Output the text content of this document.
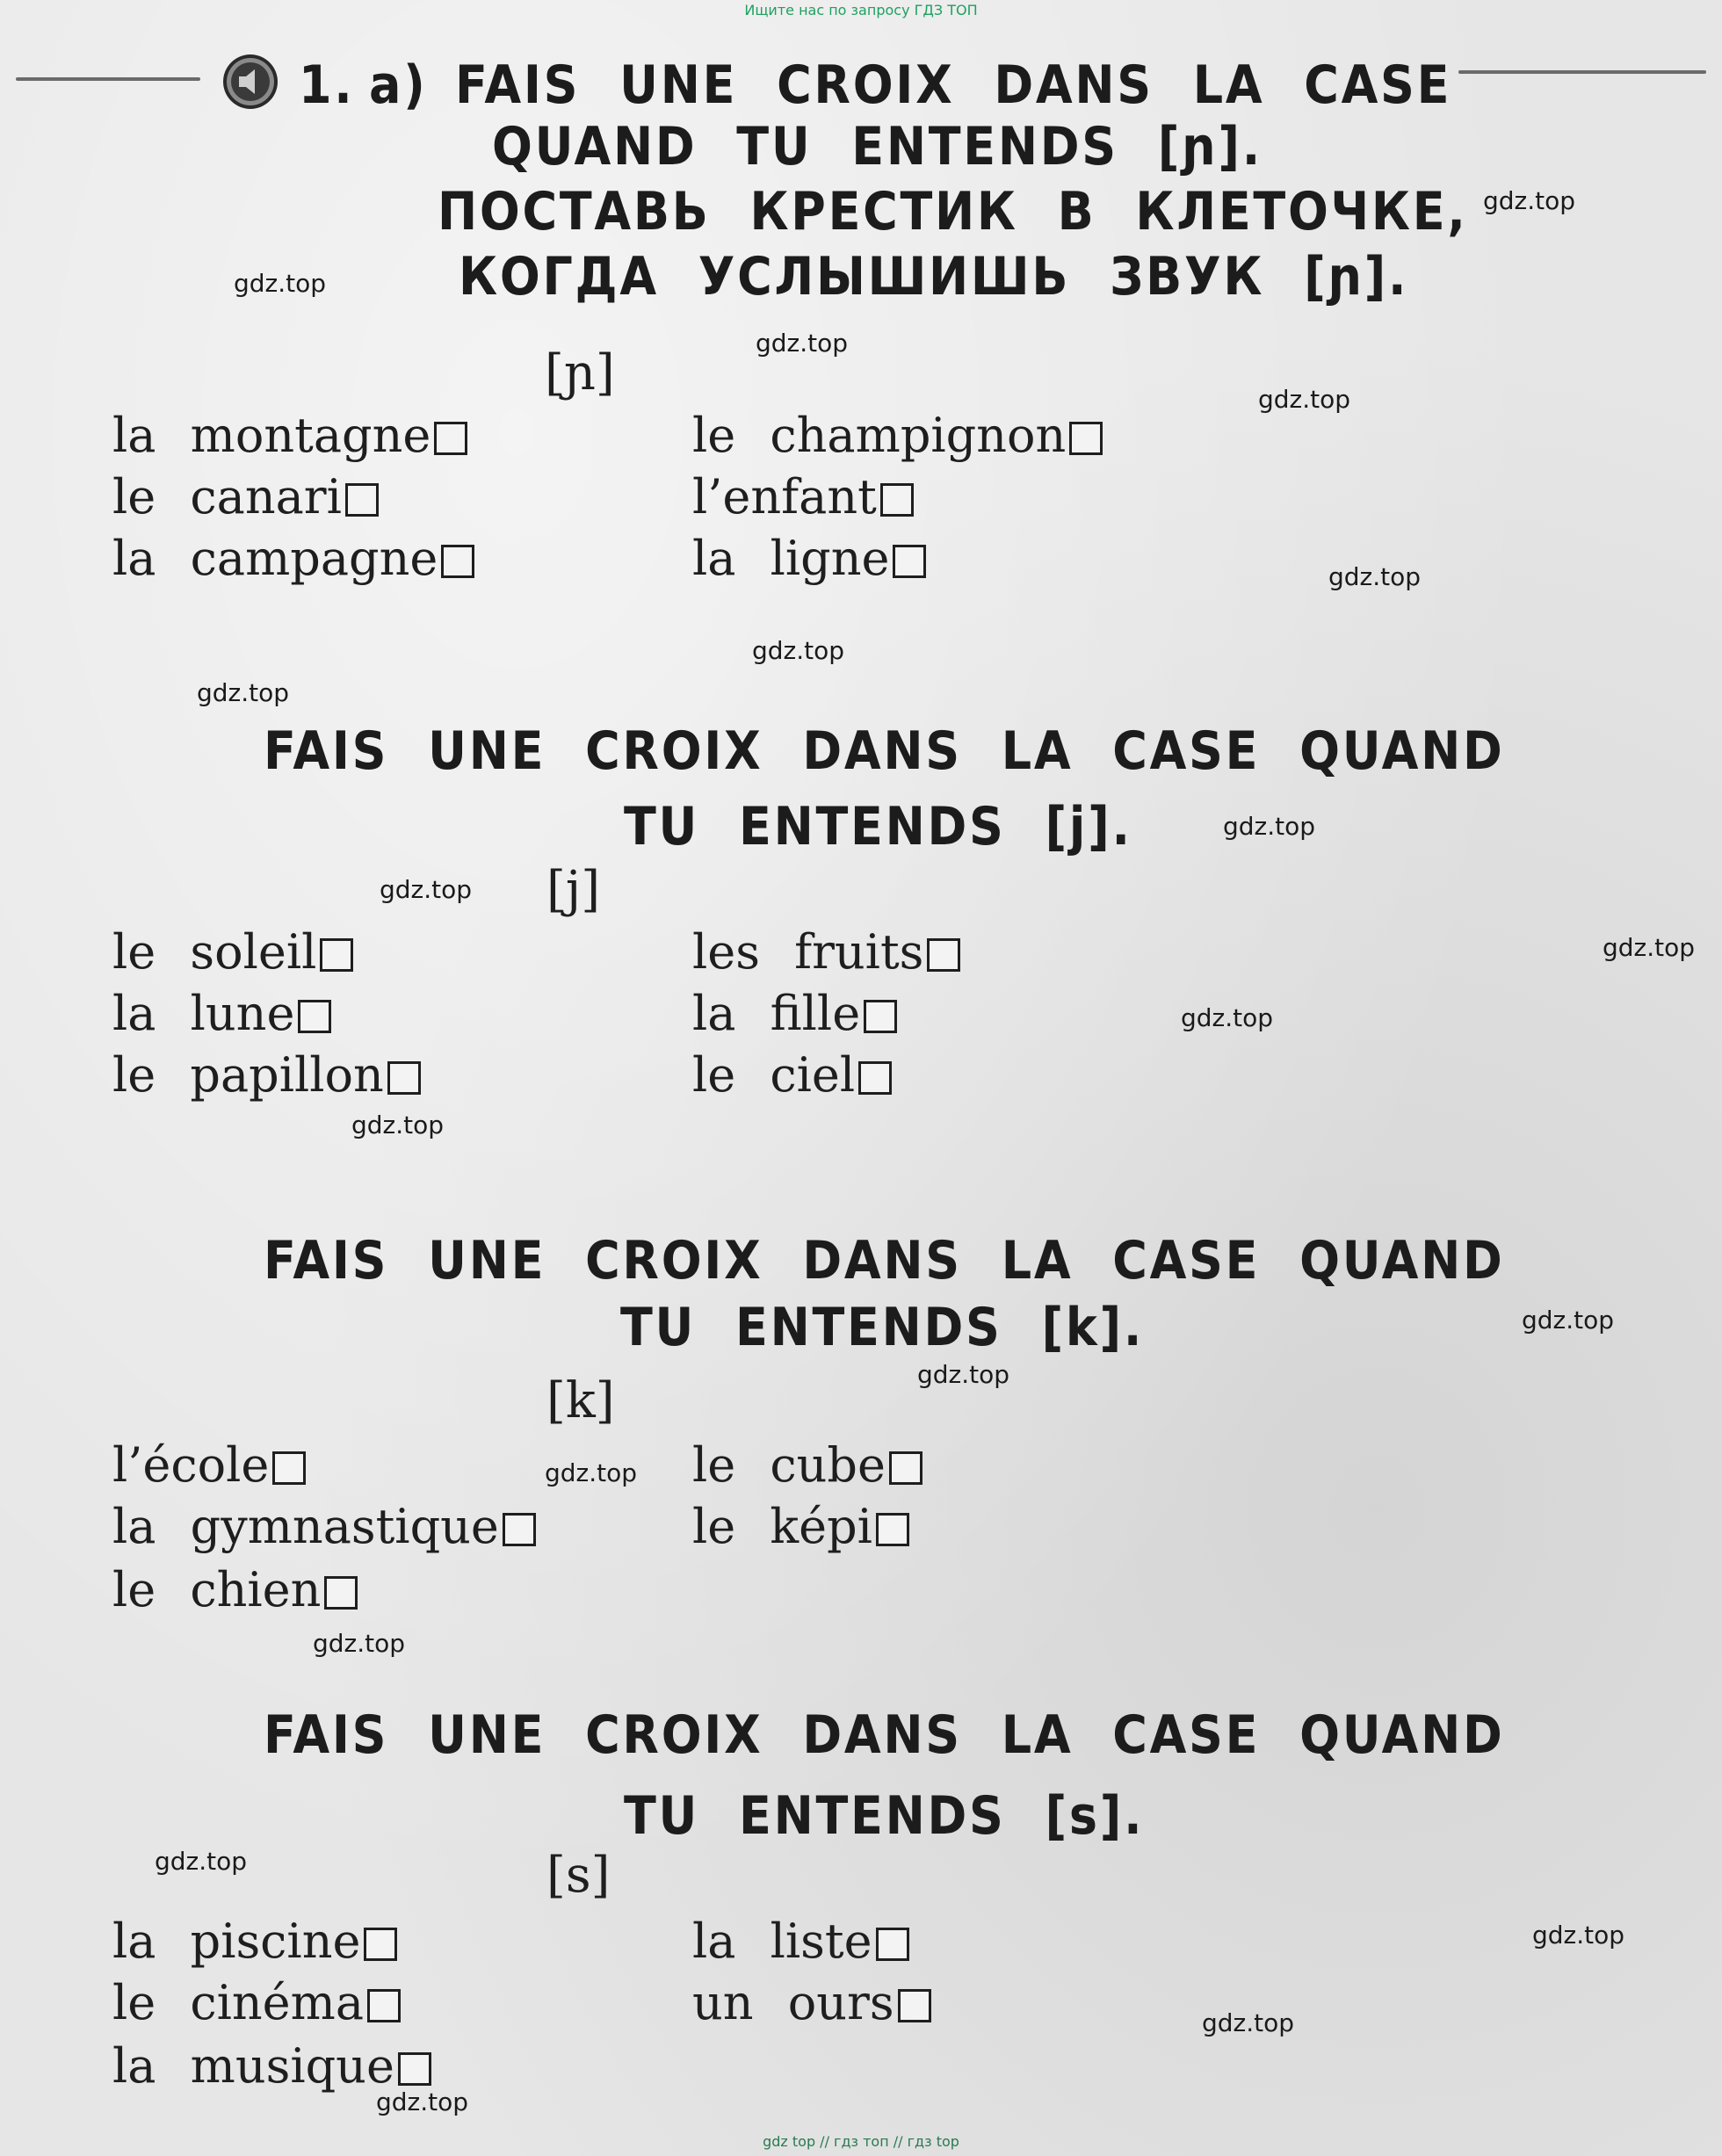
Ищите нас по запросу ГДЗ ТОП
1. a) FAIS UNE CROIX DANS LA CASE
QUAND TU ENTENDS [ɲ].
ПОСТАВЬ КРЕСТИК В КЛЕТОЧКЕ,
КОГДА УСЛЫШИШЬ ЗВУК [ɲ].
[ɲ]
la montagne
le canari
la campagne
le champignon
l’enfant
la ligne
FAIS UNE CROIX DANS LA CASE QUAND
TU ENTENDS [j].
[j]
le soleil
la lune
le papillon
les fruits
la fille
le ciel
FAIS UNE CROIX DANS LA CASE QUAND
TU ENTENDS [k].
[k]
l’école
la gymnastique
le chien
le cube
le képi
FAIS UNE CROIX DANS LA CASE QUAND
TU ENTENDS [s].
[s]
la piscine
le cinéma
la musique
la liste
un ours
gdz.top
gdz.top
gdz.top
gdz.top
gdz.top
gdz.top
gdz.top
gdz.top
gdz.top
gdz.top
gdz.top
gdz.top
gdz.top
gdz.top
gdz.top
gdz.top
gdz.top
gdz.top
gdz.top
gdz.top
gdz top // гдз топ // гдз top
